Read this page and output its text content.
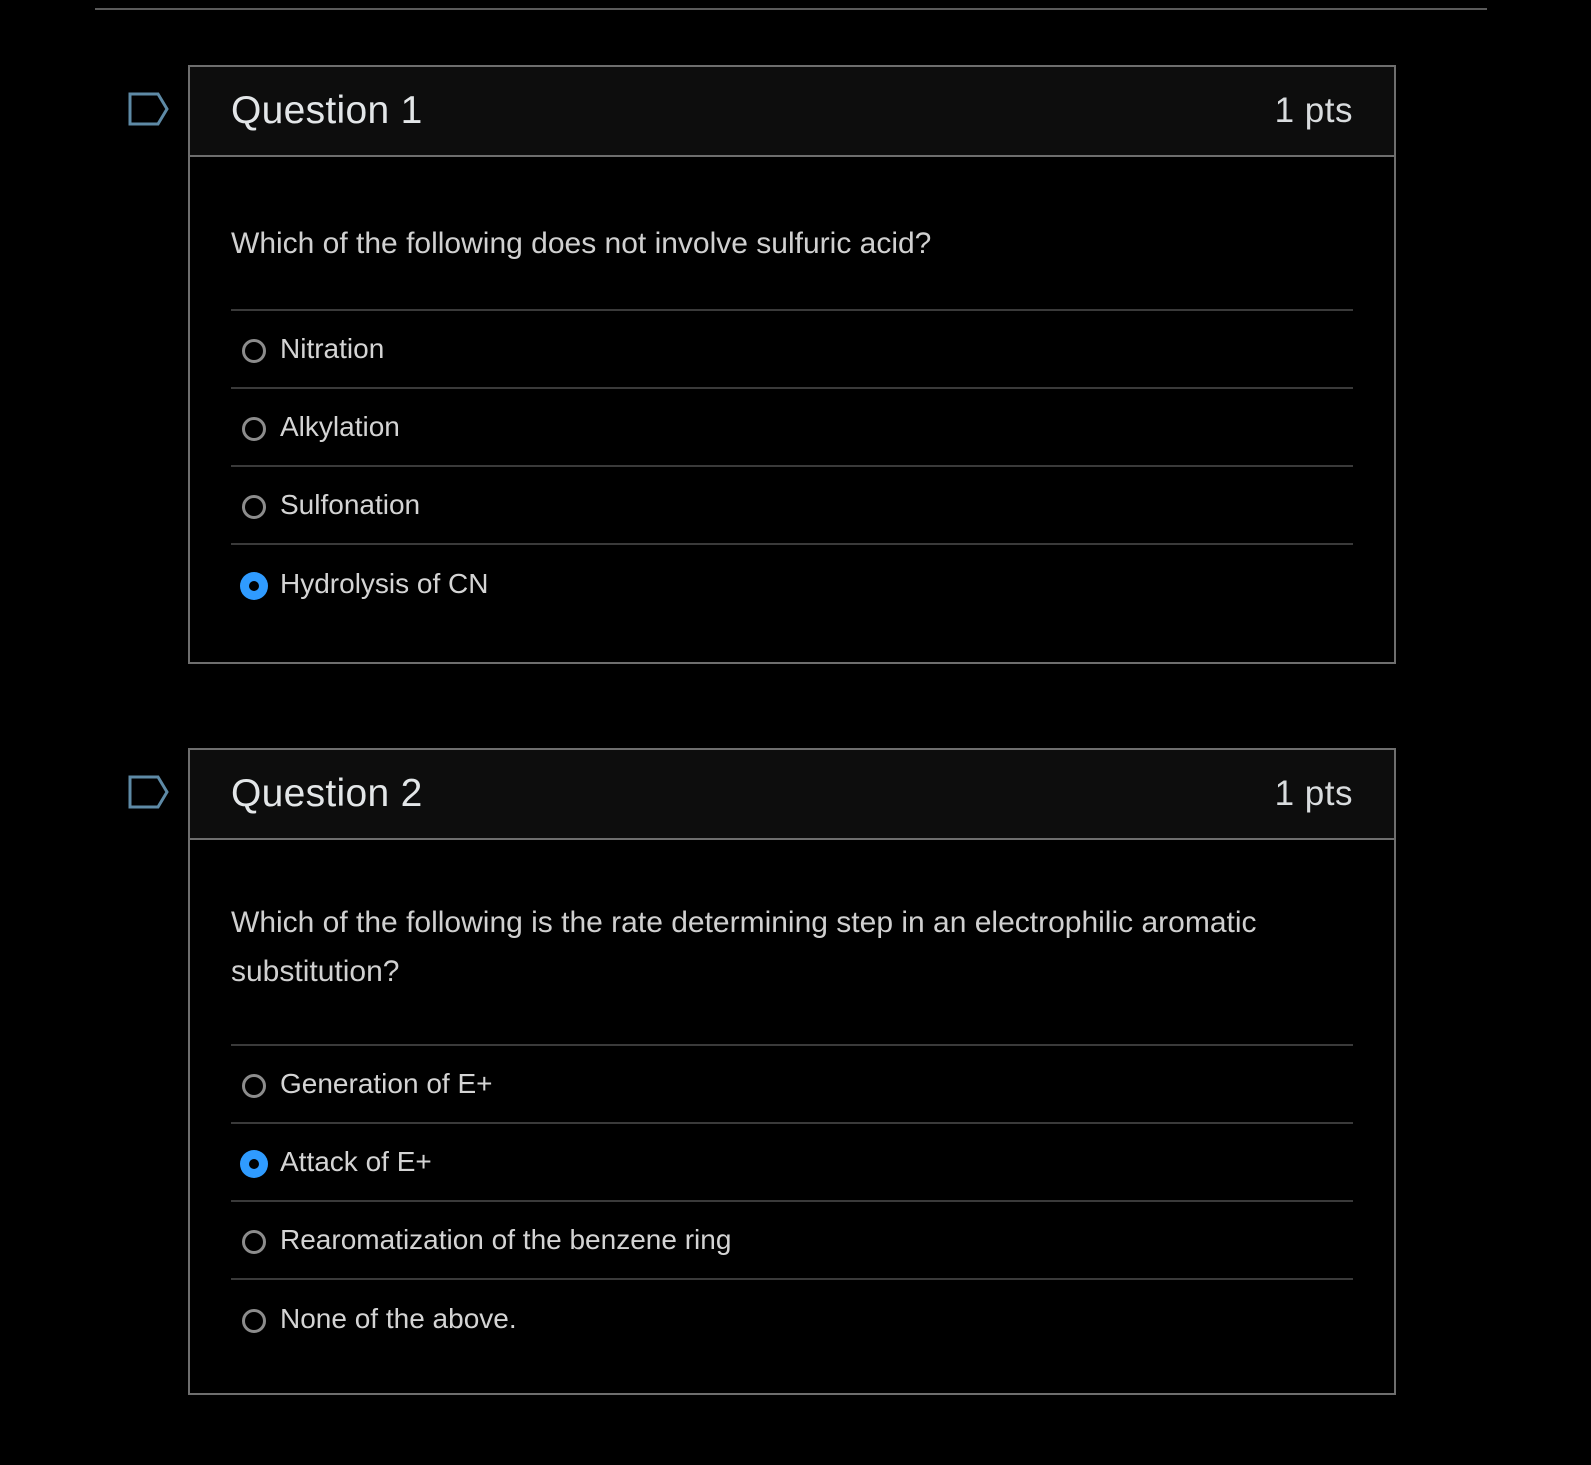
Question 1	1 pts

Which of the following does not involve sulfuric acid?

Nitration
Alkylation
Sulfonation
Hydrolysis of CN
Question 2	1 pts

Which of the following is the rate determining step in an electrophilic aromatic substitution?

Generation of E+
Attack of E+
Rearomatization of the benzene ring
None of the above.
